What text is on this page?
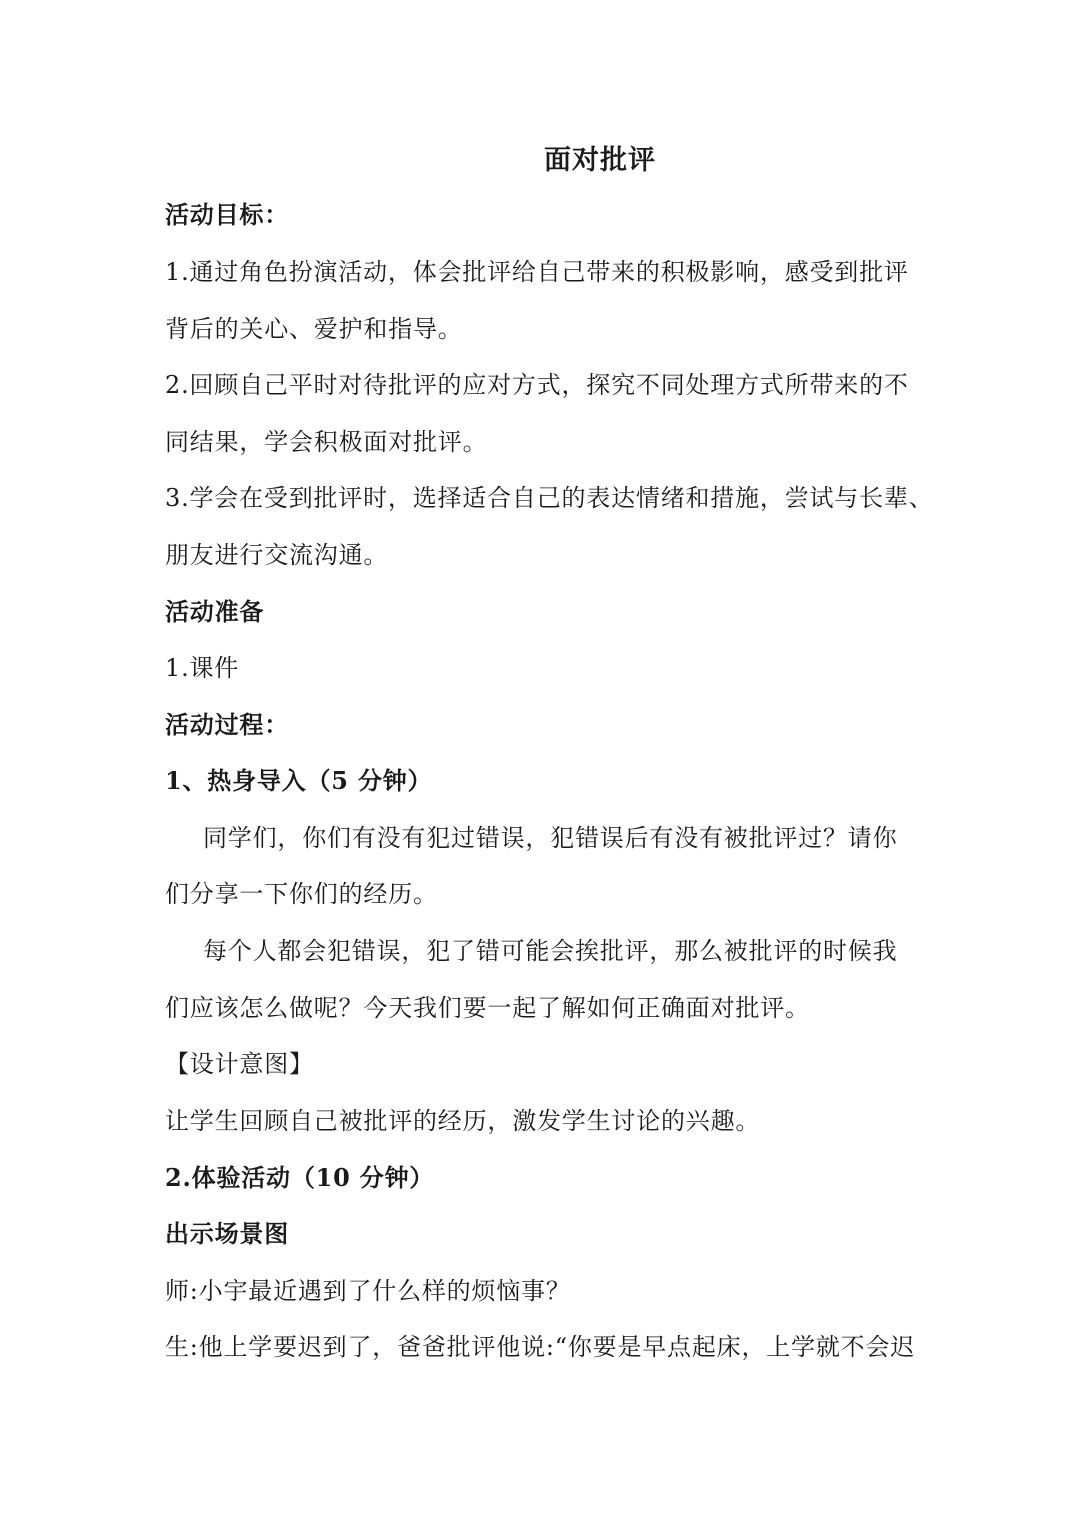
面对批评
活动目标：
1.通过角色扮演活动，体会批评给自己带来的积极影响，感受到批评
背后的关心、爱护和指导。
2.回顾自己平时对待批评的应对方式，探究不同处理方式所带来的不
同结果，学会积极面对批评。
3.学会在受到批评时，选择适合自己的表达情绪和措施，尝试与长辈、
朋友进行交流沟通。
活动准备
1.课件
活动过程：
1、热身导入（5 分钟）
同学们，你们有没有犯过错误，犯错误后有没有被批评过？请你
们分享一下你们的经历。
每个人都会犯错误，犯了错可能会挨批评，那么被批评的时候我
们应该怎么做呢？今天我们要一起了解如何正确面对批评。
【设计意图】
让学生回顾自己被批评的经历，激发学生讨论的兴趣。
2.体验活动（10 分钟）
出示场景图
师:小宇最近遇到了什么样的烦恼事？
生:他上学要迟到了，爸爸批评他说:“你要是早点起床，上学就不会迟
